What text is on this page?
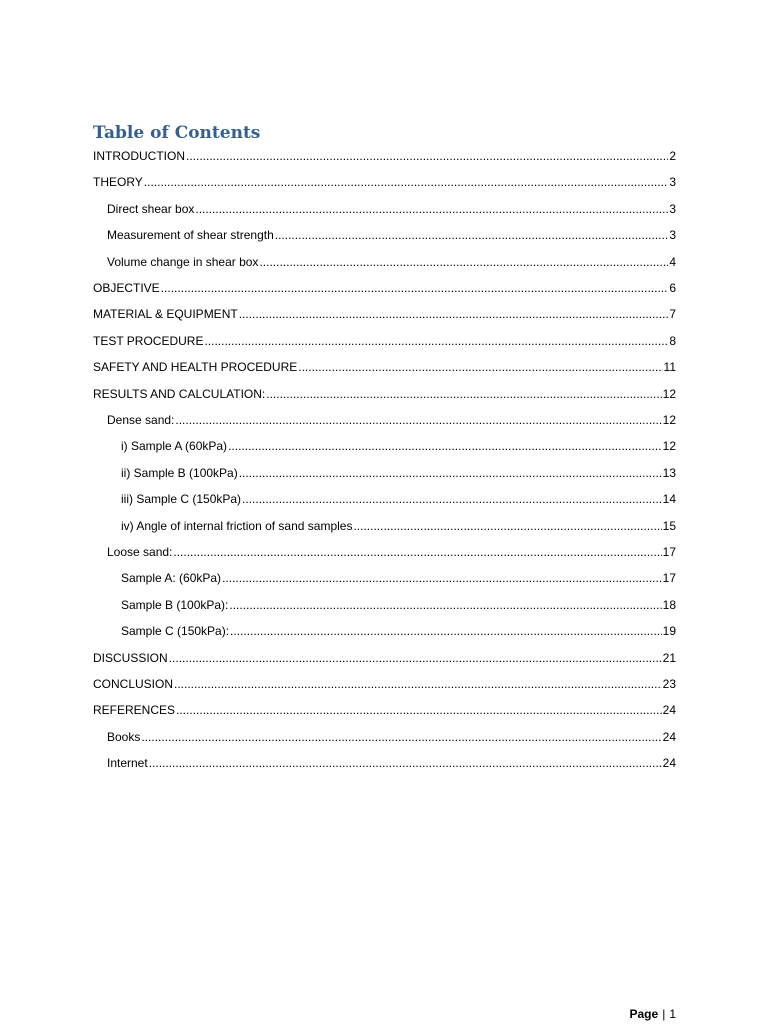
Table of Contents
INTRODUCTION .....	2
THEORY .....	3
Direct shear box .....	3
Measurement of shear strength .....	3
Volume change in shear box .....	4
OBJECTIVE .....	6
MATERIAL & EQUIPMENT .....	7
TEST PROCEDURE .....	8
SAFETY AND HEALTH PROCEDURE .....	11
RESULTS AND CALCULATION: .....	12
Dense sand: .....	12
i) Sample A (60kPa) .....	12
ii) Sample B (100kPa) .....	13
iii) Sample C (150kPa) .....	14
iv) Angle of internal friction of sand samples .....	15
Loose sand: .....	17
Sample A: (60kPa) .....	17
Sample B (100kPa): .....	18
Sample C (150kPa): .....	19
DISCUSSION .....	21
CONCLUSION .....	23
REFERENCES .....	24
Books .....	24
Internet .....	24
Page | 1
